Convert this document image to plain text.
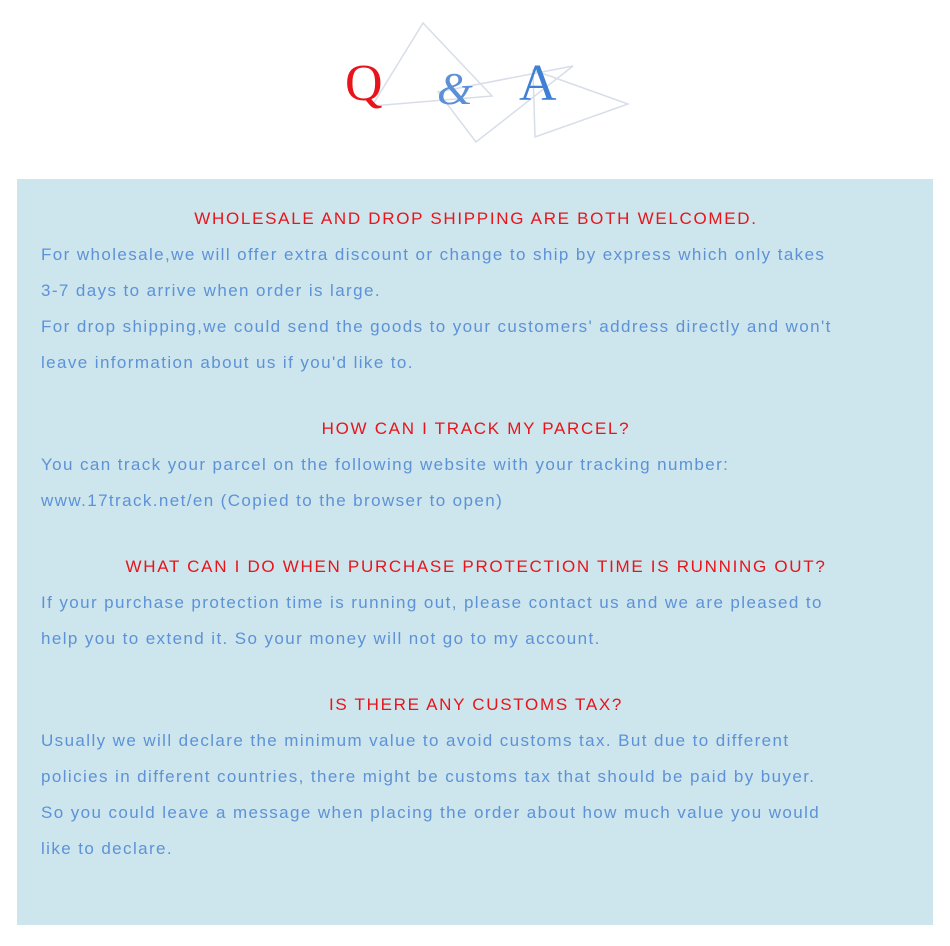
Q & A
WHOLESALE AND DROP SHIPPING ARE BOTH WELCOMED.
For wholesale,we will offer extra discount or change to ship by express which only takes
3-7 days to arrive when order is large.
For drop shipping,we could send the goods to your customers' address directly and won't
leave information about us if you'd like to.
HOW CAN I TRACK MY PARCEL?
You can track your parcel on the following website with your tracking number:
www.17track.net/en (Copied to the browser to open)
WHAT CAN I DO WHEN PURCHASE PROTECTION TIME IS RUNNING OUT?
If your purchase protection time is running out, please contact us and we are pleased to
help you to extend it. So your money will not go to my account.
IS THERE ANY CUSTOMS TAX?
Usually we will declare the minimum value to avoid customs tax. But due to different
policies in different countries, there might be customs tax that should be paid by buyer.
So you could leave a message when placing the order about how much value you would
like to declare.
